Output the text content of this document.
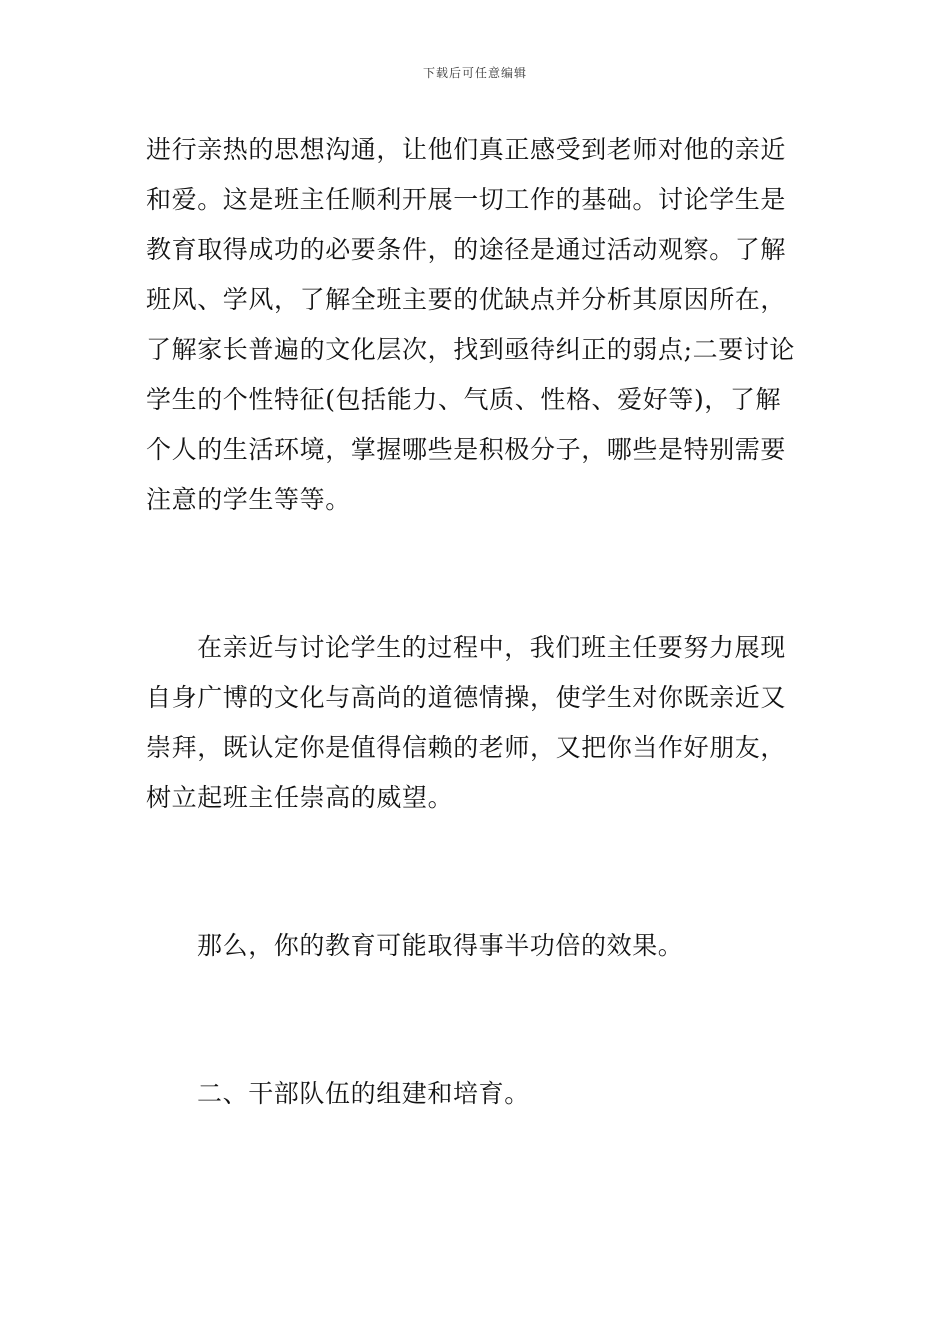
下载后可任意编辑
进行亲热的思想沟通，让他们真正感受到老师对他的亲近
和爱。这是班主任顺利开展一切工作的基础。讨论学生是
教育取得成功的必要条件，的途径是通过活动观察。了解
班风、学风，了解全班主要的优缺点并分析其原因所在，
了解家长普遍的文化层次，找到亟待纠正的弱点;二要讨论
学生的个性特征(包括能力、气质、性格、爱好等)，了解
个人的生活环境，掌握哪些是积极分子，哪些是特别需要
注意的学生等等。
在亲近与讨论学生的过程中，我们班主任要努力展现
自身广博的文化与高尚的道德情操，使学生对你既亲近又
崇拜，既认定你是值得信赖的老师，又把你当作好朋友，
树立起班主任崇高的威望。
那么，你的教育可能取得事半功倍的效果。
二、干部队伍的组建和培育。
